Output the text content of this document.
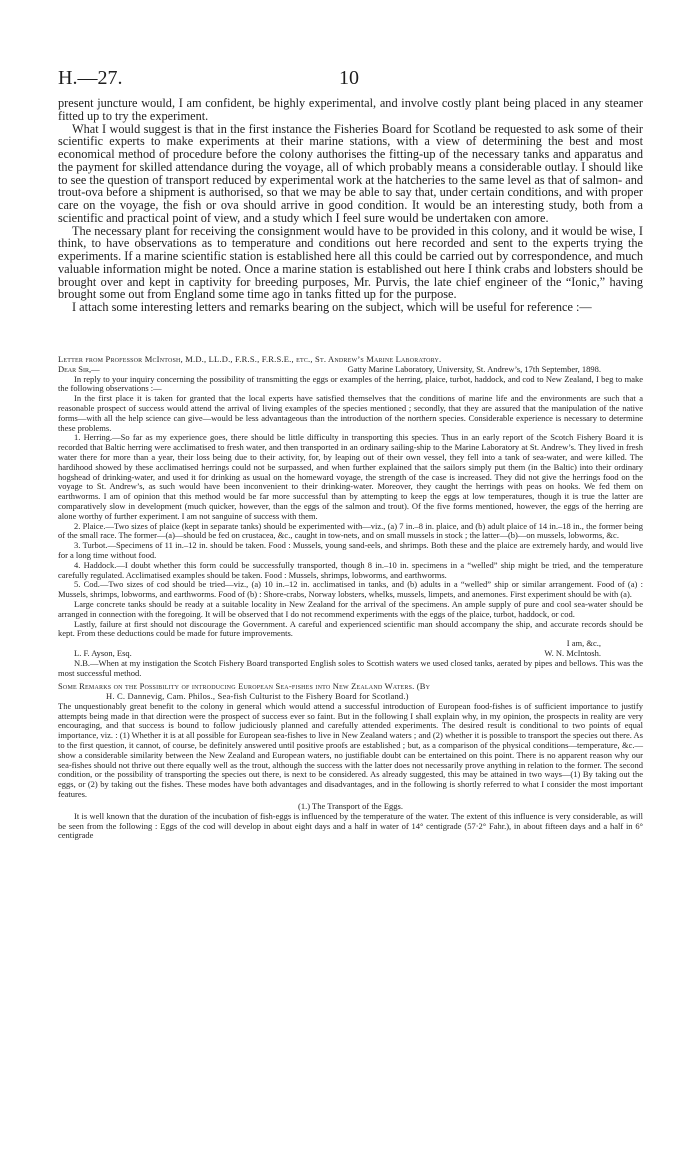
H.—27.	10

present juncture would, I am confident, be highly experimental, and involve costly plant being placed in any steamer fitted up to try the experiment.

What I would suggest is that in the first instance the Fisheries Board for Scotland be requested to ask some of their scientific experts to make experiments at their marine stations, with a view of determining the best and most economical method of procedure before the colony authorises the fitting-up of the necessary tanks and apparatus and the payment for skilled attendance during the voyage, all of which probably means a considerable outlay. I should like to see the question of transport reduced by experimental work at the hatcheries to the same level as that of salmon- and trout-ova before a shipment is authorised, so that we may be able to say that, under certain conditions, and with proper care on the voyage, the fish or ova should arrive in good condition. It would be an interesting study, both from a scientific and practical point of view, and a study which I feel sure would be undertaken con amore.

The necessary plant for receiving the consignment would have to be provided in this colony, and it would be wise, I think, to have observations as to temperature and conditions out here recorded and sent to the experts trying the experiments. If a marine scientific station is established here all this could be carried out by correspondence, and much valuable information might be noted. Once a marine station is established out here I think crabs and lobsters should be brought over and kept in captivity for breeding purposes, Mr. Purvis, the late chief engineer of the “Ionic,” having brought some out from England some time ago in tanks fitted up for the purpose.

I attach some interesting letters and remarks bearing on the subject, which will be useful for reference :—

Letter from Professor McIntosh, M.D., LL.D., F.R.S., F.R.S.E., etc., St. Andrew’s Marine Laboratory.

Dear Sir,—	Gatty Marine Laboratory, University, St. Andrew’s, 17th September, 1898.

In reply to your inquiry concerning the possibility of transmitting the eggs or examples of the herring, plaice, turbot, haddock, and cod to New Zealand, I beg to make the following observations :—

In the first place it is taken for granted that the local experts have satisfied themselves that the conditions of marine life and the environments are such that a reasonable prospect of success would attend the arrival of living examples of the species mentioned ; secondly, that they are assured that the manipulation of the native forms—with all the help science can give—would be less advantageous than the introduction of the northern species. Considerable experience is necessary to determine these problems.

1. Herring.—So far as my experience goes, there should be little difficulty in transporting this species. Thus in an early report of the Scotch Fishery Board it is recorded that Baltic herring were acclimatised to fresh water, and then transported in an ordinary sailing-ship to the Marine Laboratory at St. Andrew’s. They lived in fresh water there for more than a year, their loss being due to their activity, for, by leaping out of their own vessel, they fell into a tank of sea-water, and were killed. The hardihood showed by these acclimatised herrings could not be surpassed, and when further explained that the sailors simply put them (in the Baltic) into their ordinary hogshead of drinking-water, and used it for drinking as usual on the homeward voyage, the strength of the case is increased. They did not give the herrings food on the voyage to St. Andrew’s, as such would have been inconvenient to their drinking-water. Moreover, they caught the herrings with peas on hooks. We fed them on earthworms. I am of opinion that this method would be far more successful than by attempting to keep the eggs at low temperatures, though it is true the latter are comparatively slow in development (much quicker, however, than the eggs of the salmon and trout). Of the five forms mentioned, however, the eggs of the herring are alone worthy of further experiment. I am not sanguine of success with them.

2. Plaice.—Two sizes of plaice (kept in separate tanks) should be experimented with—viz., (a) 7 in.–8 in. plaice, and (b) adult plaice of 14 in.–18 in., the former being of the small race. The former—(a)—should be fed on crustacea, &c., caught in tow-nets, and on small mussels in stock ; the latter—(b)—on mussels, lobworms, &c.

3. Turbot.—Specimens of 11 in.–12 in. should be taken. Food : Mussels, young sand-eels, and shrimps. Both these and the plaice are extremely hardy, and would live for a long time without food.

4. Haddock.—I doubt whether this form could be successfully transported, though 8 in.–10 in. specimens in a “welled” ship might be tried, and the temperature carefully regulated. Acclimatised examples should be taken. Food : Mussels, shrimps, lobworms, and earthworms.

5. Cod.—Two sizes of cod should be tried—viz., (a) 10 in.–12 in. acclimatised in tanks, and (b) adults in a “welled” ship or similar arrangement. Food of (a) : Mussels, shrimps, lobworms, and earthworms. Food of (b) : Shore-crabs, Norway lobsters, whelks, mussels, limpets, and anemones. First experiment should be with (a).

Large concrete tanks should be ready at a suitable locality in New Zealand for the arrival of the specimens. An ample supply of pure and cool sea-water should be arranged in connection with the foregoing. It will be observed that I do not recommend experiments with the eggs of the plaice, turbot, haddock, or cod.

Lastly, failure at first should not discourage the Government. A careful and experienced scientific man should accompany the ship, and accurate records should be kept. From these deductions could be made for future improvements.

I am, &c.,
L. F. Ayson, Esq.	W. N. McIntosh.

N.B.—When at my instigation the Scotch Fishery Board transported English soles to Scottish waters we used closed tanks, aerated by pipes and bellows. This was the most successful method.

Some Remarks on the Possibility of introducing European Sea-fishes into New Zealand Waters. (By

H. C. Dannevig, Cam. Philos., Sea-fish Culturist to the Fishery Board for Scotland.)

The unquestionably great benefit to the colony in general which would attend a successful introduction of European food-fishes is of sufficient importance to justify attempts being made in that direction were the prospect of success ever so faint. But in the following I shall explain why, in my opinion, the prospects in reality are very encouraging, and that success is bound to follow judiciously planned and carefully attended experiments. The desired result is conditional to two points of equal importance, viz. : (1) Whether it is at all possible for European sea-fishes to live in New Zealand waters ; and (2) whether it is possible to transport the species out there. As to the first question, it cannot, of course, be definitely answered until positive proofs are established ; but, as a comparison of the physical conditions—temperature, &c.—show a considerable similarity between the New Zealand and European waters, no justifiable doubt can be entertained on this point. There is no apparent reason why our sea-fishes should not thrive out there equally well as the trout, although the success with the latter does not necessarily prove anything in relation to the former. The second condition, or the possibility of transporting the species out there, is next to be considered. As already suggested, this may be attained in two ways—(1) By taking out the eggs, or (2) by taking out the fishes. These modes have both advantages and disadvantages, and in the following is shortly referred to what I consider the most important features.

(1.) The Transport of the Eggs.

It is well known that the duration of the incubation of fish-eggs is influenced by the temperature of the water. The extent of this influence is very considerable, as will be seen from the following : Eggs of the cod will develop in about eight days and a half in water of 14° centigrade (57·2° Fahr.), in about fifteen days and a half in 6° centigrade
